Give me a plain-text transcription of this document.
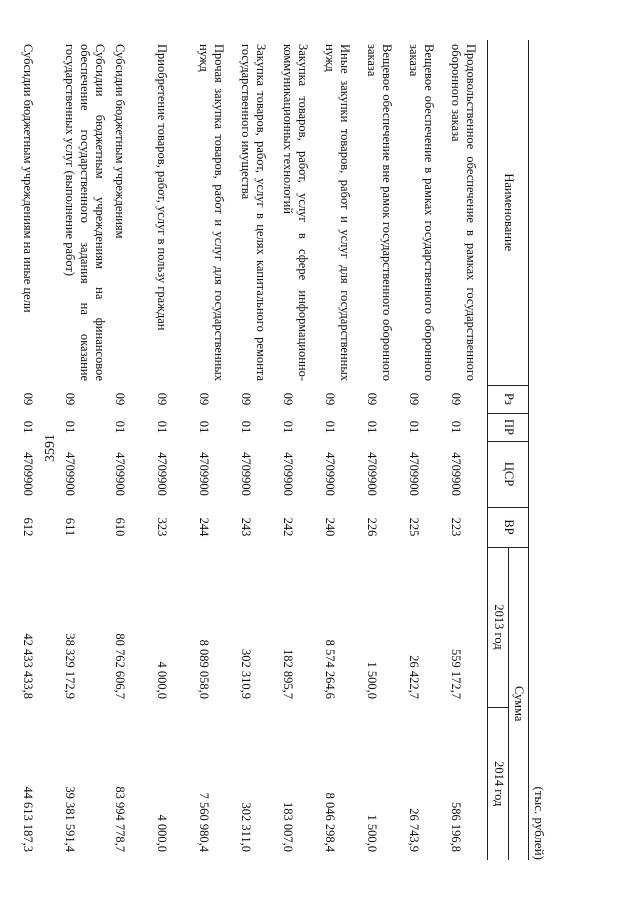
3591
(тыс. рублей)
Наименование	Рз	ПР	ЦСР	ВР	Сумма	
					2013 год	2014 год
Продовольственное обеспечение в рамках государственного оборонного заказа	09	01	4709900	223	559 172,7	586 196,8
Вещевое обеспечение в рамках государственного оборонного заказа	09	01	4709900	225	26 422,7	26 743,9
Вещевое обеспечение вне рамок государственного оборонного заказа	09	01	4709900	226	1 500,0	1 500,0
Иные закупки товаров, работ и услуг для государственных нужд	09	01	4709900	240	8 574 264,6	8 046 298,4
Закупка товаров, работ, услуг в сфере информационно-коммуникационных технологий	09	01	4709900	242	182 895,7	183 007,0
Закупка товаров, работ, услуг в целях капитального ремонта государственного имущества	09	01	4709900	243	302 310,9	302 311,0
Прочая закупка товаров, работ и услуг для государственных нужд	09	01	4709900	244	8 089 058,0	7 560 980,4
Приобретение товаров, работ, услуг в пользу граждан	09	01	4709900	323	4 000,0	4 000,0
Субсидии бюджетным учреждениям	09	01	4709900	610	80 762 606,7	83 994 778,7
Субсидии бюджетным учреждениям на финансовое обеспечение государственного задания на оказание государственных услуг (выполнение работ)	09	01	4709900	611	38 329 172,9	39 381 591,4
Субсидии бюджетным учреждениям на иные цели	09	01	4709900	612	42 433 433,8	44 613 187,3
